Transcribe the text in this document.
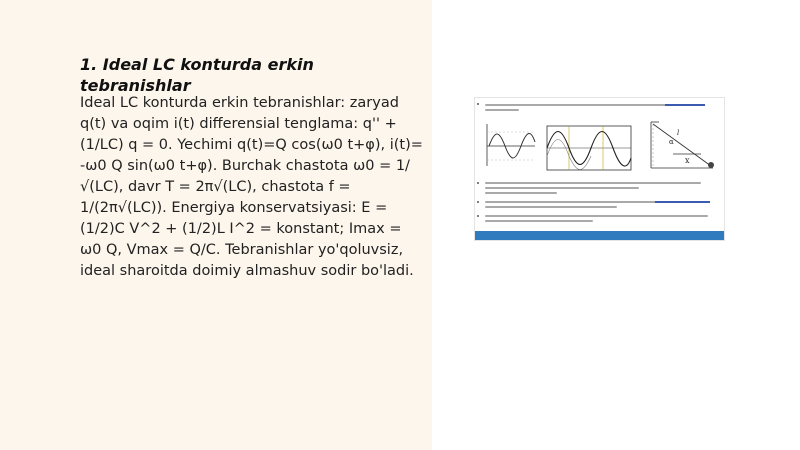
1. Ideal LC konturda erkin tebranishlar

Ideal LC konturda erkin tebranishlar: zaryad q(t) va oqim i(t) differensial tenglama: q'' + (1/LC) q = 0. Yechimi q(t)=Q cos(ω0 t+φ), i(t)= -ω0 Q sin(ω0 t+φ). Burchak chastota ω0 = 1/√(LC), davr T = 2π√(LC), chastota f = 1/(2π√(LC)). Energiya konservatsiyasi: E = (1/2)C V^2 + (1/2)L I^2 = konstant; Imax = ω0 Q, Vmax = Q/C. Tebranishlar yo'qoluvsiz, ideal sharoitda doimiy almashuv sodir bo'ladi.

α
l
x
